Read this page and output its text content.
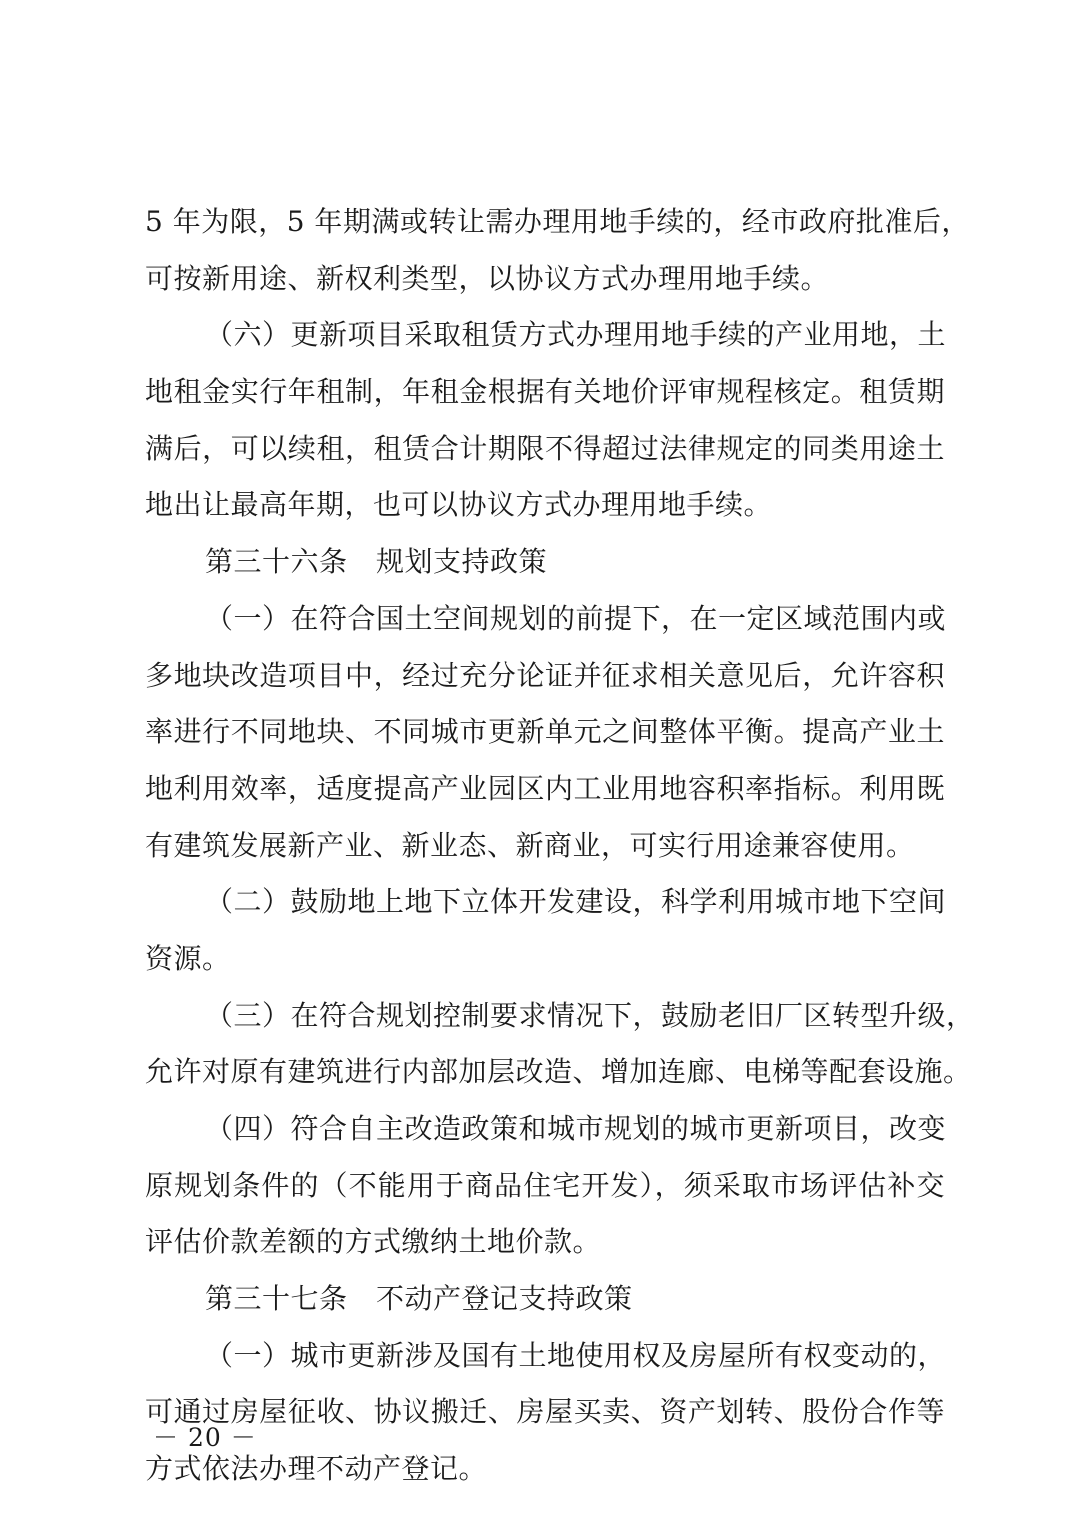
5 年为限，5 年期满或转让需办理用地手续的，经市政府批准后，
可按新用途、新权利类型，以协议方式办理用地手续。
（六）更新项目采取租赁方式办理用地手续的产业用地，土
地租金实行年租制，年租金根据有关地价评审规程核定。租赁期
满后，可以续租，租赁合计期限不得超过法律规定的同类用途土
地出让最高年期，也可以协议方式办理用地手续。
第三十六条　规划支持政策
（一）在符合国土空间规划的前提下，在一定区域范围内或
多地块改造项目中，经过充分论证并征求相关意见后，允许容积
率进行不同地块、不同城市更新单元之间整体平衡。提高产业土
地利用效率，适度提高产业园区内工业用地容积率指标。利用既
有建筑发展新产业、新业态、新商业，可实行用途兼容使用。
（二）鼓励地上地下立体开发建设，科学利用城市地下空间
资源。
（三）在符合规划控制要求情况下，鼓励老旧厂区转型升级，
允许对原有建筑进行内部加层改造、增加连廊、电梯等配套设施。
（四）符合自主改造政策和城市规划的城市更新项目，改变
原规划条件的（不能用于商品住宅开发），须采取市场评估补交
评估价款差额的方式缴纳土地价款。
第三十七条　不动产登记支持政策
（一）城市更新涉及国有土地使用权及房屋所有权变动的，
可通过房屋征收、协议搬迁、房屋买卖、资产划转、股份合作等
方式依法办理不动产登记。
－ 20 －
